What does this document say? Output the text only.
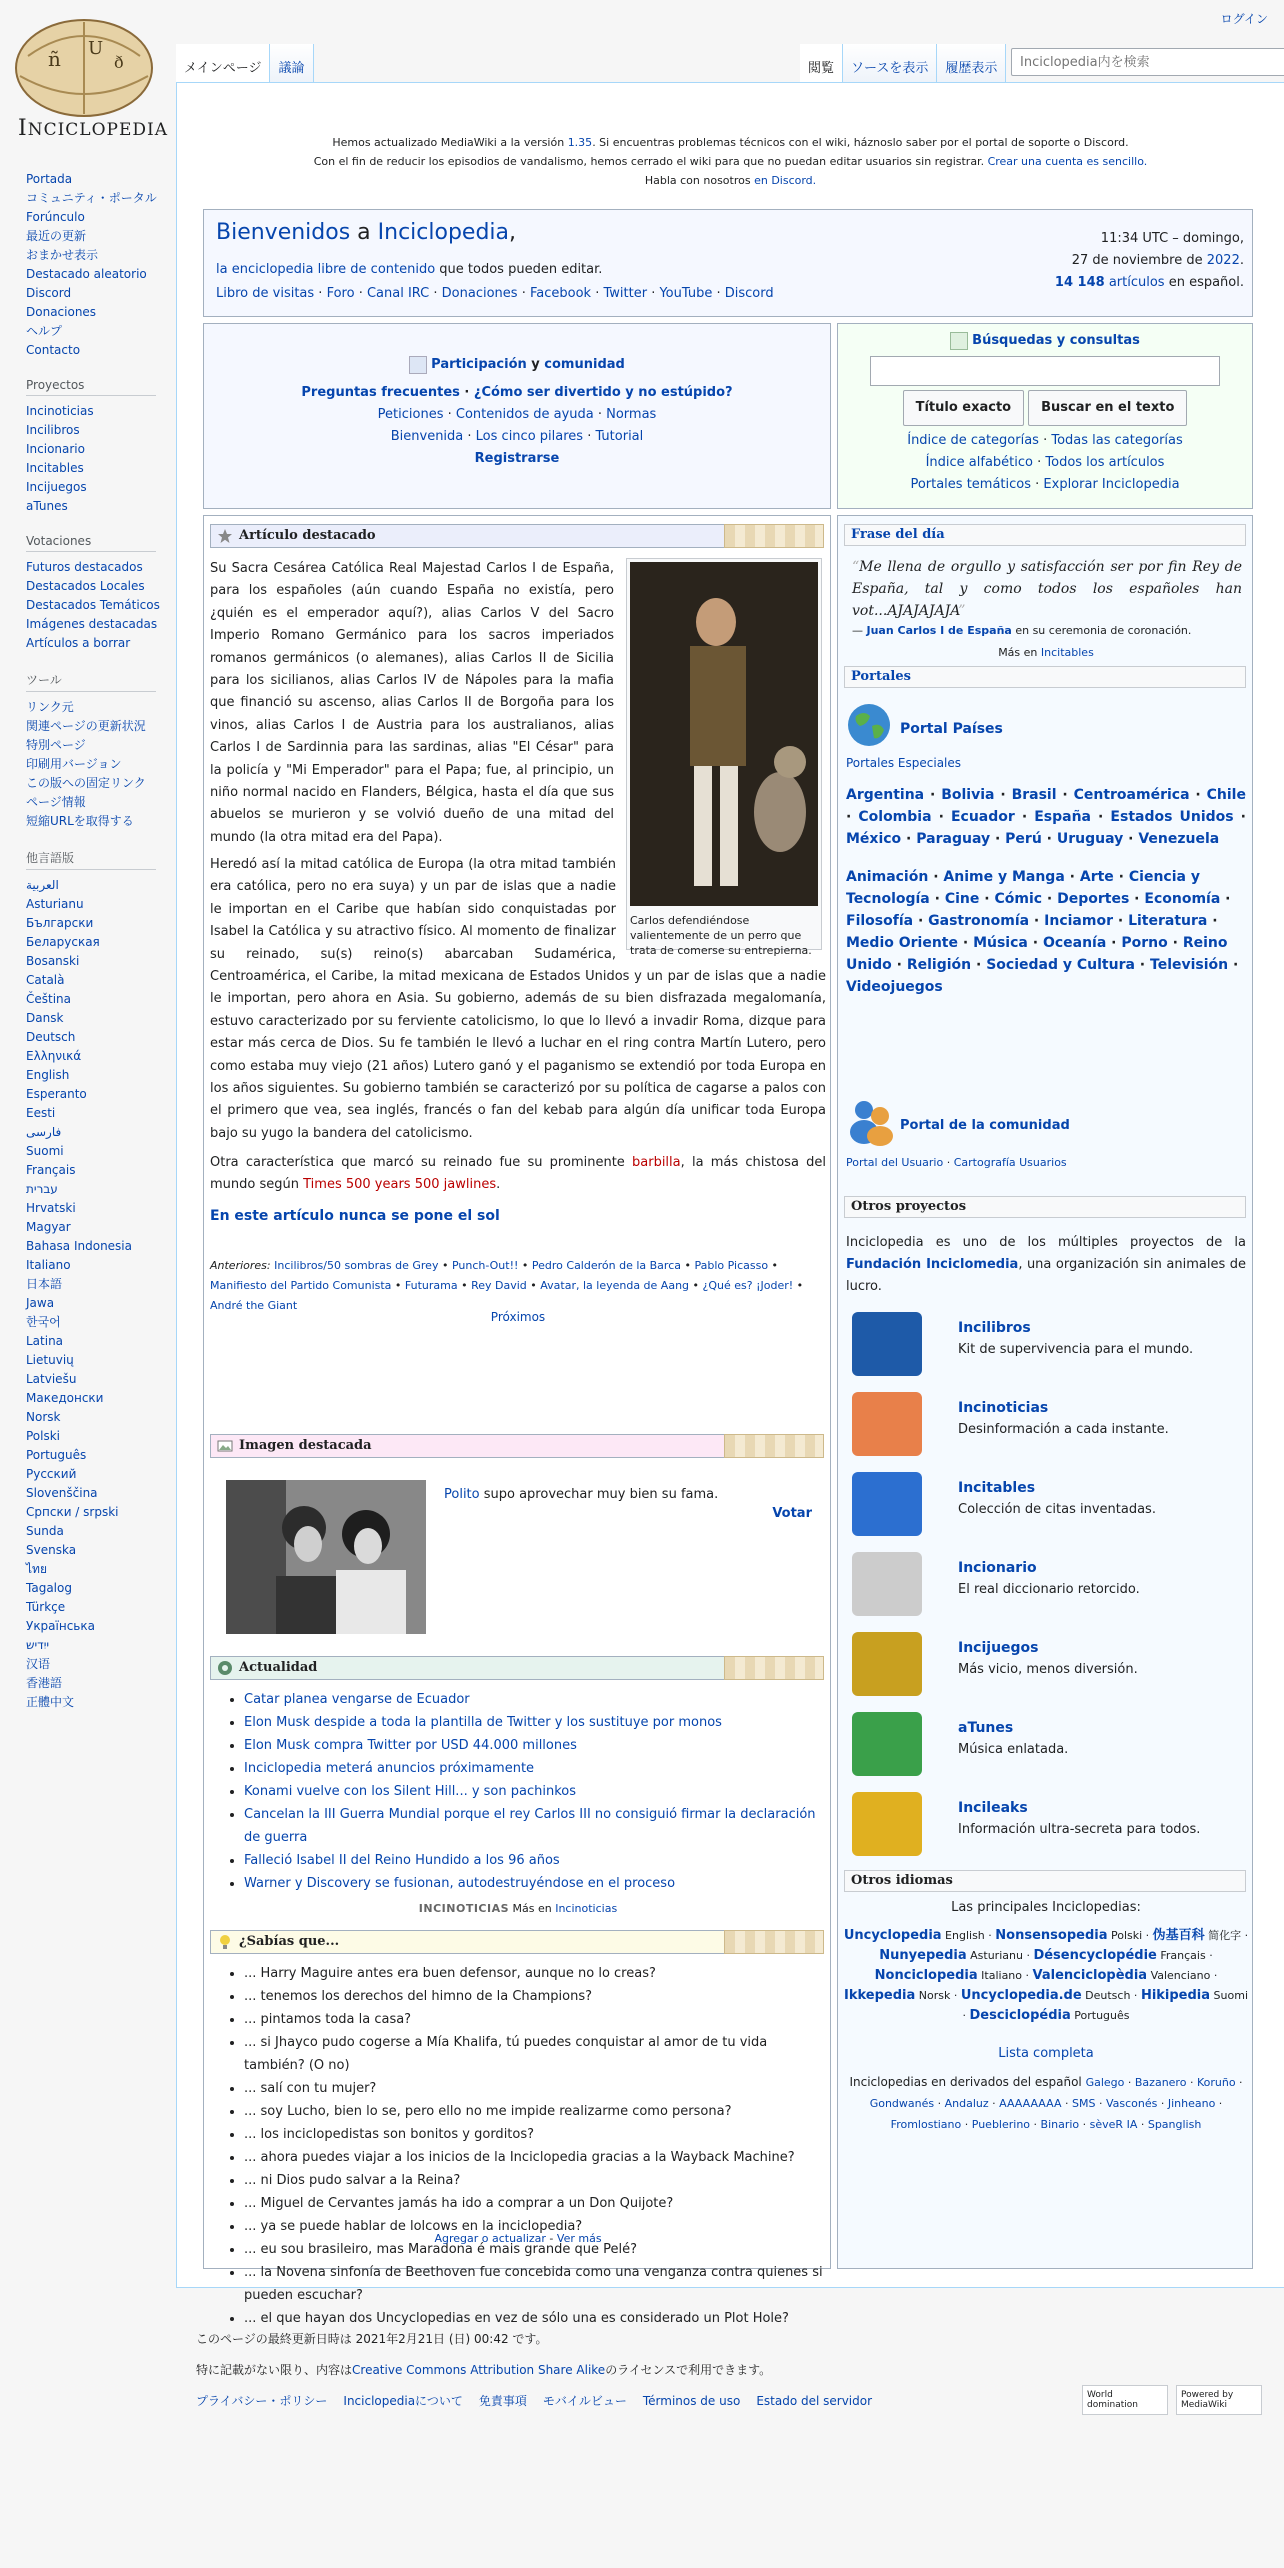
ñ U
ð
INCICLOPEDIA
ログイン
メインページ	議論	閲覧	ソースを表示	履歴表示
Inciclopedia内を検索
Portada
コミュニティ・ポータル
Forúnculo
最近の更新
おまかせ表示
Destacado aleatorio
Discord
Donaciones
ヘルプ
Contacto
Proyectos
Incinoticias
Incilibros
Incionario
Incitables
Incijuegos
aTunes
Votaciones
Futuros destacados
Destacados Locales
Destacados Temáticos
Imágenes destacadas
Artículos a borrar
ツール
リンク元
関連ページの更新状況
特別ページ
印刷用バージョン
この版への固定リンク
ページ情報
短縮URLを取得する
他言語版
العربية
Asturianu
Български
Беларуская
Bosanski
Català
Čeština
Dansk
Deutsch
Ελληνικά
English
Esperanto
Eesti
فارسی
Suomi
Français
עברית
Hrvatski
Magyar
Bahasa Indonesia
Italiano
日本語
Jawa
한국어
Latina
Lietuvių
Latviešu
Македонски
Norsk
Polski
Português
Русский
Slovenščina
Српски / srpski
Sunda
Svenska
ไทย
Tagalog
Türkçe
Українська
ייִדיש
汉语
香港語
正體中文
Hemos actualizado MediaWiki a la versión 1.35. Si encuentras problemas técnicos con el wiki, háznoslo saber por el portal de soporte o Discord.
Con el fin de reducir los episodios de vandalismo, hemos cerrado el wiki para que no puedan editar usuarios sin registrar. Crear una cuenta es sencillo.
Habla con nosotros en Discord.
Bienvenidos a Inciclopedia,
la enciclopedia libre de contenido que todos pueden editar.
Libro de visitas · Foro · Canal IRC · Donaciones · Facebook · Twitter · YouTube · Discord
11:34 UTC – domingo,
27 de noviembre de 2022.
14 148 artículos en español.
Participación y comunidad
Preguntas frecuentes · ¿Cómo ser divertido y no estúpido?
Peticiones · Contenidos de ayuda · Normas
Bienvenida · Los cinco pilares · Tutorial
Registrarse
Búsquedas y consultas
Título exacto Buscar en el texto
Índice de categorías · Todas las categorías
Índice alfabético · Todos los artículos
Portales temáticos · Explorar Inciclopedia
Artículo destacado
Carlos defendiéndose valientemente de un perro que trata de comerse su entrepierna.
Su Sacra Cesárea Católica Real Majestad Carlos I de España, para los españoles (aún cuando España no existía, pero ¿quién es el emperador aquí?), alias Carlos V del Sacro Imperio Romano Germánico para los sacros imperiados romanos germánicos (o alemanes), alias Carlos II de Sicilia para los sicilianos, alias Carlos IV de Nápoles para la mafia que financió su ascenso, alias Carlos II de Borgoña para los vinos, alias Carlos I de Austria para los australianos, alias Carlos I de Sardinnia para las sardinas, alias "El César" para la policía y "Mi Emperador" para el Papa; fue, al principio, un niño normal nacido en Flanders, Bélgica, hasta el día que sus abuelos se murieron y se volvió dueño de una mitad del mundo (la otra mitad era del Papa).
Otra característica que marcó su reinado fue su prominente barbilla, la más chistosa del mundo según Times 500 years 500 jawlines.
En este artículo nunca se pone el sol
Anteriores: Incilibros/50 sombras de Grey • Punch-Out!! • Pedro Calderón de la Barca • Pablo Picasso • Manifiesto del Partido Comunista • Futurama • Rey David • Avatar, la leyenda de Aang • ¿Qué es? ¡Joder! • André the Giant
Próximos
Imagen destacada
Polito supo aprovechar muy bien su fama.
Votar
Actualidad
• Catar planea vengarse de Ecuador
• Elon Musk despide a toda la plantilla de Twitter y los sustituye por monos
• Elon Musk compra Twitter por USD 44.000 millones
• Inciclopedia meterá anuncios próximamente
• Konami vuelve con los Silent Hill... y son pachinkos
• Cancelan la III Guerra Mundial porque el rey Carlos III no consiguió firmar la declaración de guerra
• Falleció Isabel II del Reino Hundido a los 96 años
• Warner y Discovery se fusionan, autodestruyéndose en el proceso
INCINOTICIAS Más en Incinoticias
¿Sabías que...
• ... Harry Maguire antes era buen defensor, aunque no lo creas?
• ... tenemos los derechos del himno de la Champions?
• ... pintamos toda la casa?
• ... si Jhayco pudo cogerse a Mía Khalifa, tú puedes conquistar al amor de tu vida también? (O no)
• ... salí con tu mujer?
• ... soy Lucho, bien lo se, pero ello no me impide realizarme como persona?
• ... los inciclopedistas son bonitos y gorditos?
• ... ahora puedes viajar a los inicios de la Inciclopedia gracias a la Wayback Machine?
• ... ni Dios pudo salvar a la Reina?
• ... Miguel de Cervantes jamás ha ido a comprar a un Don Quijote?
• ... ya se puede hablar de lolcows en la inciclopedia?
• ... eu sou brasileiro, mas Maradona é mais grande que Pelé?
• ... la Novena sinfonía de Beethoven fue concebida como una venganza contra quienes si pueden escuchar?
• ... el que hayan dos Uncyclopedias en vez de sólo una es considerado un Plot Hole?
Agregar o actualizar - Ver más
Heredó así la mitad católica de Europa (la otra mitad también era católica, pero no era suya) y un par de islas que a nadie le importan en el Caribe que habían sido conquistadas por Isabel la Católica y su atractivo físico. Al momento de finalizar su reinado, su(s) reino(s) abarcaban Sudamérica, Centroamérica, el Caribe, la mitad mexicana de Estados Unidos y un par de islas que a nadie le importan, pero ahora en Asia. Su gobierno, además de su bien disfrazada megalomanía, estuvo caracterizado por su ferviente catolicismo, lo que lo llevó a invadir Roma, dizque para estar más cerca de Dios. Su fe también le llevó a luchar en el ring contra Martín Lutero, pero como estaba muy viejo (21 años) Lutero ganó y el paganismo se extendió por toda Europa en los años siguientes. Su gobierno también se caracterizó por su política de cagarse a palos con el primero que vea, sea inglés, francés o fan del kebab para algún día unificar toda Europa bajo su yugo la bandera del catolicismo.
Frase del día
“Me llena de orgullo y satisfacción ser por fin Rey de España, tal y como todos los españoles han vot...AJAJAJAJA”
— Juan Carlos I de España en su ceremonia de coronación.
Más en Incitables
Portales
Portal Países
Portales Especiales
Argentina · Bolivia · Brasil · Centroamérica · Chile · Colombia · Ecuador · España · Estados Unidos · México · Paraguay · Perú · Uruguay · Venezuela
Animación · Anime y Manga · Arte · Ciencia y Tecnología · Cine · Cómic · Deportes · Economía · Filosofía · Gastronomía · Inciamor · Literatura · Medio Oriente · Música · Oceanía · Porno · Reino Unido · Religión · Sociedad y Cultura · Televisión · Videojuegos
Portal de la comunidad
Portal del Usuario · Cartografía Usuarios
Otros proyectos
Inciclopedia es uno de los múltiples proyectos de la Fundación Inciclomedia, una organización sin animales de lucro.
Otros idiomas
Las principales Inciclopedias:
Uncyclopedia English · Nonsensopedia Polski · 伪基百科 简化字 · Nunyepedia Asturianu · Désencyclopédie Français · Nonciclopedia Italiano · Valenciclopèdia Valenciano · Ikkepedia Norsk · Uncyclopedia.de Deutsch · Hikipedia Suomi · Desciclopédia Português
Lista completa
Inciclopedias en derivados del español Galego · Bazanero · Koruño · Gondwanés · Andaluz · AAAAAAAA · SMS · Vasconés · Jinheano · Fromlostiano · Pueblerino · Binario · sèveR IA · Spanglish
Incilibros
Kit de supervivencia para el mundo.
Incinoticias
Desinformación a cada instante.
Incitables
Colección de citas inventadas.
Incionario
El real diccionario retorcido.
Incijuegos
Más vicio, menos diversión.
aTunes
Música enlatada.
Incileaks
Información ultra-secreta para todos.

このページの最終更新日時は 2021年2月21日 (日) 00:42 です。

特に記載がない限り、内容はCreative Commons Attribution Share Alikeのライセンスで利用できます。

プライバシー・ポリシー Inciclopediaについて 免責事項 モバイルビュー Términos de uso Estado del servidor	World domination
Powered by MediaWiki
